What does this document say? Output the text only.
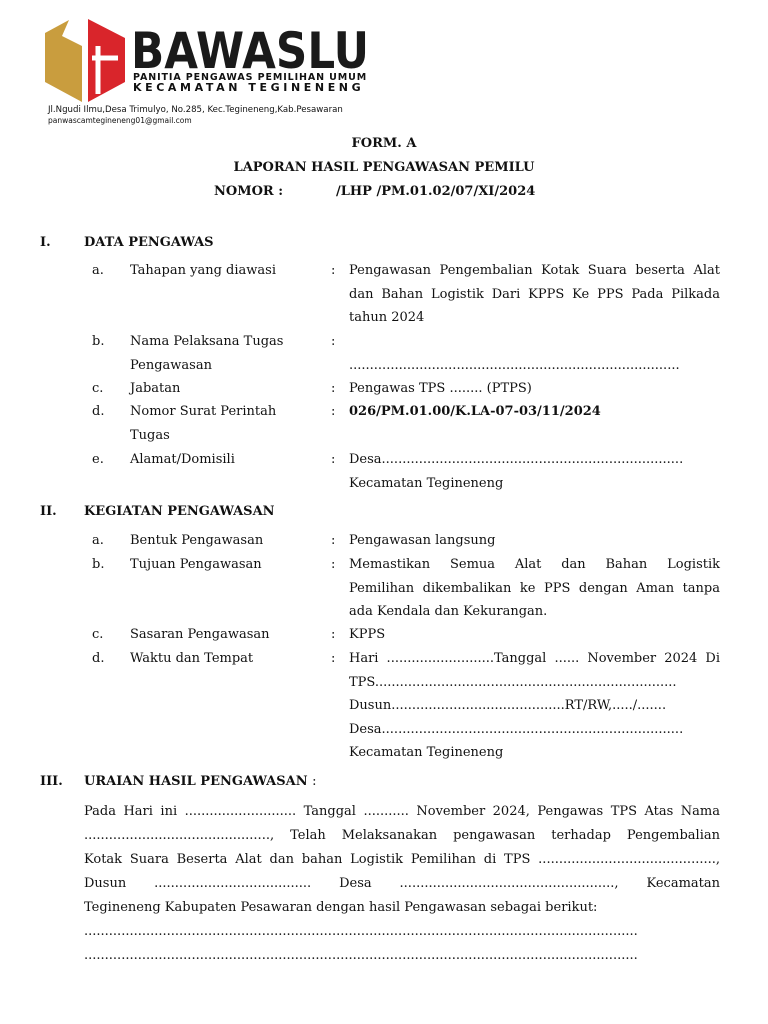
BAWASLU
PANITIA PENGAWAS PEMILIHAN UMUM
KECAMATAN TEGINENENG
Jl.Ngudi Ilmu,Desa Trimulyo, No.285, Kec.Tegineneng,Kab.Pesawaran
panwascamtegineneng01@gmail.com
FORM. A
LAPORAN HASIL PENGAWASAN PEMILU
NOMOR :	/LHP /PM.01.02/07/XI/2024
I.	DATA PENGAWAS
a. Tahapan yang diawasi	: Pengawasan Pengembalian Kotak Suara beserta Alat
dan Bahan Logistik Dari KPPS Ke PPS Pada Pilkada
tahun 2024
b. Nama Pelaksana Tugas
Pengawasan
:
................................................................................
c. Jabatan	: Pengawas TPS ........ (PTPS)
d. Nomor Surat Perintah
Tugas
: 026/PM.01.00/K.LA-07-03/11/2024
e. Alamat/Domisili	: Desa.........................................................................
Kecamatan Tegineneng
II. KEGIATAN PENGAWASAN
a. Bentuk Pengawasan	: Pengawasan langsung
b. Tujuan Pengawasan	: Memastikan Semua Alat dan Bahan Logistik
Pemilihan dikembalikan ke PPS dengan Aman tanpa
ada Kendala dan Kekurangan.
c. Sasaran Pengawasan	: KPPS
d. Waktu dan Tempat	: Hari ..........................Tanggal ...... November 2024 Di
TPS.........................................................................
Dusun..........................................RT/RW,...../.......
Desa.........................................................................
Kecamatan Tegineneng
III. URAIAN HASIL PENGAWASAN :
Pada Hari ini ........................... Tanggal ........... November 2024, Pengawas TPS Atas Nama
............................................., Telah Melaksanakan pengawasan terhadap Pengembalian
Kotak Suara Beserta Alat dan bahan Logistik Pemilihan di TPS ...........................................,
Dusun ...................................... Desa ...................................................., Kecamatan
Tegineneng Kabupaten Pesawaran dengan hasil Pengawasan sebagai berikut:
......................................................................................................................................
......................................................................................................................................
